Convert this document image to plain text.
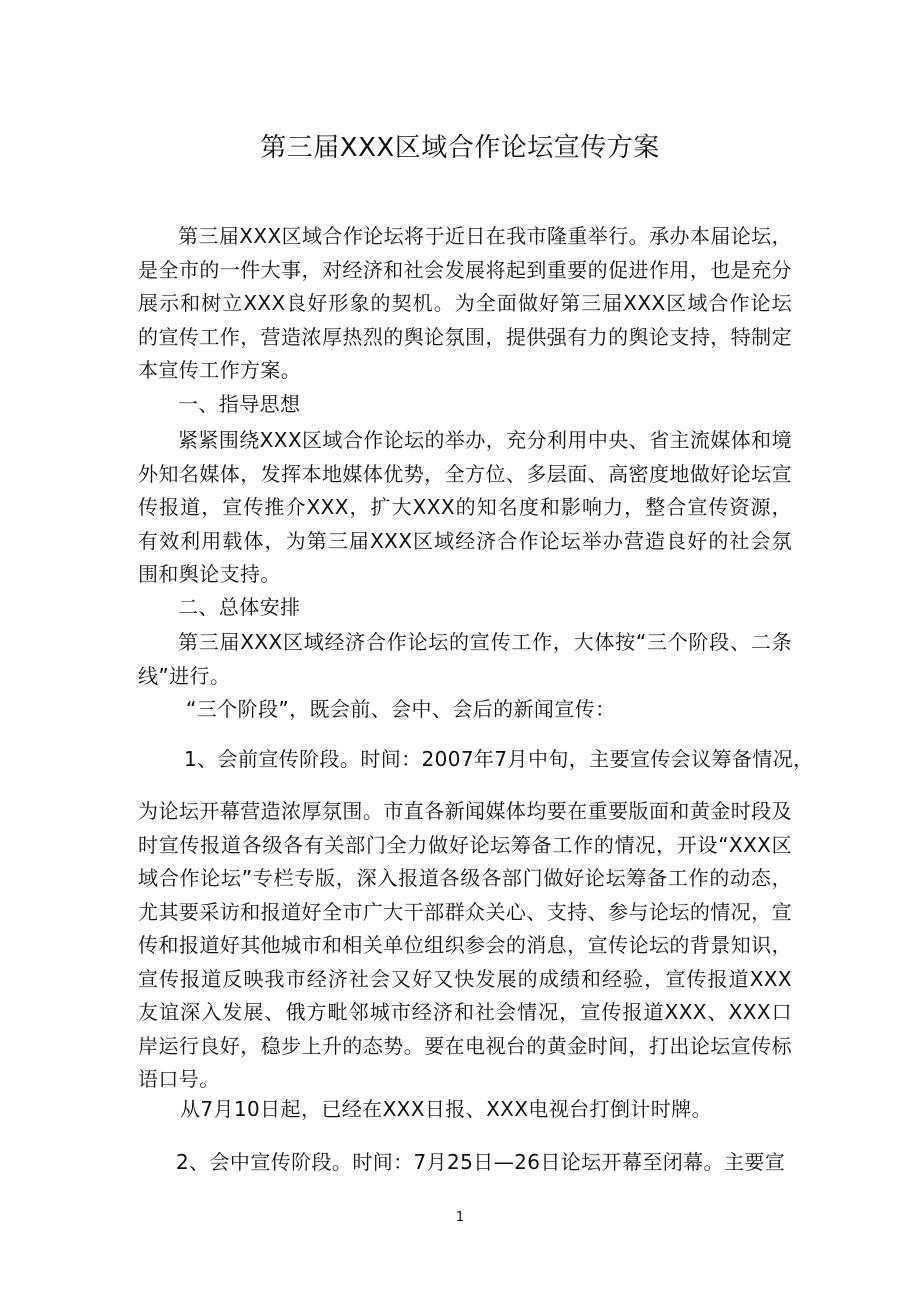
第三届XXX区域合作论坛宣传方案

第三届XXX区域合作论坛将于近日在我市隆重举行。承办本届论坛，是全市的一件大事，对经济和社会发展将起到重要的促进作用，也是充分展示和树立XXX良好形象的契机。为全面做好第三届XXX区域合作论坛的宣传工作，营造浓厚热烈的舆论氛围，提供强有力的舆论支持，特制定本宣传工作方案。

一、指导思想

紧紧围绕XXX区域合作论坛的举办，充分利用中央、省主流媒体和境外知名媒体，发挥本地媒体优势，全方位、多层面、高密度地做好论坛宣传报道，宣传推介XXX，扩大XXX的知名度和影响力，整合宣传资源，有效利用载体，为第三届XXX区域经济合作论坛举办营造良好的社会氛围和舆论支持。

二、总体安排

第三届XXX区域经济合作论坛的宣传工作，大体按“三个阶段、二条线”进行。

“三个阶段”，既会前、会中、会后的新闻宣传：

1、会前宣传阶段。时间：2007年7月中旬，主要宣传会议筹备情况，

为论坛开幕营造浓厚氛围。市直各新闻媒体均要在重要版面和黄金时段及时宣传报道各级各有关部门全力做好论坛筹备工作的情况，开设“XXX区域合作论坛”专栏专版，深入报道各级各部门做好论坛筹备工作的动态，尤其要采访和报道好全市广大干部群众关心、支持、参与论坛的情况，宣传和报道好其他城市和相关单位组织参会的消息，宣传论坛的背景知识，宣传报道反映我市经济社会又好又快发展的成绩和经验，宣传报道XXX友谊深入发展、俄方毗邻城市经济和社会情况，宣传报道XXX、XXX口岸运行良好，稳步上升的态势。要在电视台的黄金时间，打出论坛宣传标语口号。

从7月10日起，已经在XXX日报、XXX电视台打倒计时牌。

2、会中宣传阶段。时间：7月25日—26日论坛开幕至闭幕。主要宣

1
